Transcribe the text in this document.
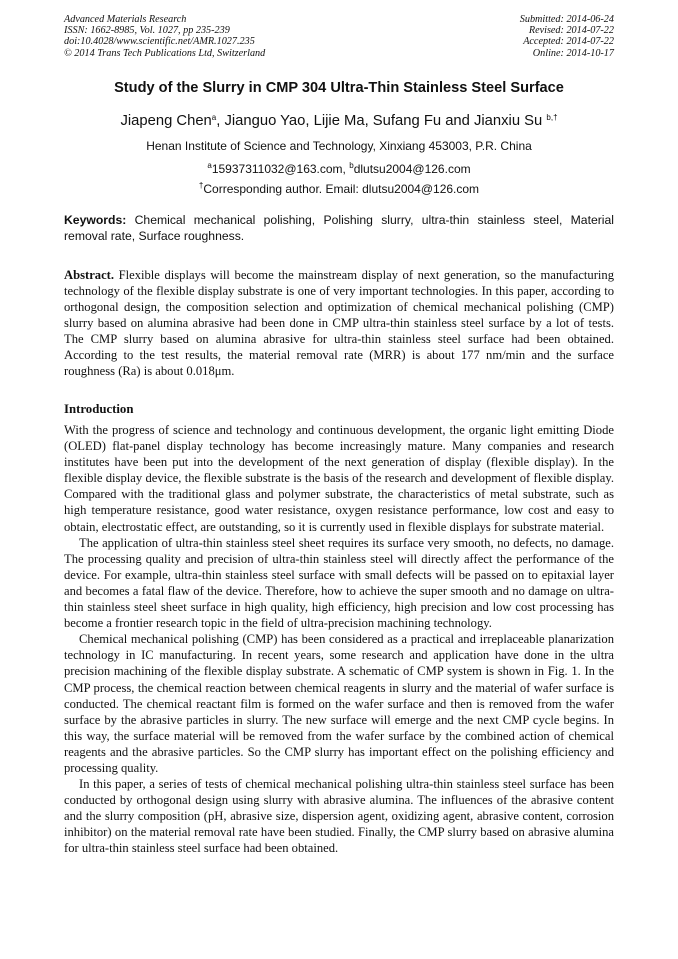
Advanced Materials Research
ISSN: 1662-8985, Vol. 1027, pp 235-239
doi:10.4028/www.scientific.net/AMR.1027.235
© 2014 Trans Tech Publications Ltd, Switzerland
Submitted: 2014-06-24
Revised: 2014-07-22
Accepted: 2014-07-22
Online: 2014-10-17
Study of the Slurry in CMP 304 Ultra-Thin Stainless Steel Surface
Jiapeng Chen$^a$, Jianguo Yao, Lijie Ma, Sufang Fu and Jianxiu Su $^{b,\dagger}$
Henan Institute of Science and Technology, Xinxiang 453003, P.R. China
$^a$15937311032@163.com, $^b$dlutsu2004@126.com
†Corresponding author. Email: dlutsu2004@126.com
Keywords: Chemical mechanical polishing, Polishing slurry, ultra-thin stainless steel, Material removal rate, Surface roughness.
Abstract. Flexible displays will become the mainstream display of next generation, so the manufacturing technology of the flexible display substrate is one of very important technologies. In this paper, according to orthogonal design, the composition selection and optimization of chemical mechanical polishing (CMP) slurry based on alumina abrasive had been done in CMP ultra-thin stainless steel surface by a lot of tests. The CMP slurry based on alumina abrasive for ultra-thin stainless steel surface had been obtained. According to the test results, the material removal rate (MRR) is about 177 nm/min and the surface roughness (Ra) is about 0.018μm.
Introduction

With the progress of science and technology and continuous development, the organic light emitting Diode (OLED) flat-panel display technology has become increasingly mature. Many companies and research institutes have been put into the development of the next generation of display (flexible display). In the flexible display device, the flexible substrate is the basis of the research and development of flexible display. Compared with the traditional glass and polymer substrate, the characteristics of metal substrate, such as high temperature resistance, good water resistance, oxygen resistance performance, low cost and easy to obtain, electrostatic effect, are outstanding, so it is currently used in flexible displays for substrate material.

The application of ultra-thin stainless steel sheet requires its surface very smooth, no defects, no damage. The processing quality and precision of ultra-thin stainless steel will directly affect the performance of the device. For example, ultra-thin stainless steel surface with small defects will be passed on to epitaxial layer and becomes a fatal flaw of the device. Therefore, how to achieve the super smooth and no damage on ultra-thin stainless steel sheet surface in high quality, high efficiency, high precision and low cost processing has become a frontier research topic in the field of ultra-precision machining technology.

Chemical mechanical polishing (CMP) has been considered as a practical and irreplaceable planarization technology in IC manufacturing. In recent years, some research and application have done in the ultra precision machining of the flexible display substrate. A schematic of CMP system is shown in Fig. 1. In the CMP process, the chemical reaction between chemical reagents in slurry and the material of wafer surface is conducted. The chemical reactant film is formed on the wafer surface and then is removed from the wafer surface by the abrasive particles in slurry. The new surface will emerge and the next CMP cycle begins. In this way, the surface material will be removed from the wafer surface by the combined action of chemical reagents and the abrasive particles. So the CMP slurry has important effect on the polishing efficiency and processing quality.

In this paper, a series of tests of chemical mechanical polishing ultra-thin stainless steel surface has been conducted by orthogonal design using slurry with abrasive alumina. The influences of the abrasive content and the slurry composition (pH, abrasive size, dispersion agent, oxidizing agent, abrasive content, corrosion inhibitor) on the material removal rate have been studied. Finally, the CMP slurry based on abrasive alumina for ultra-thin stainless steel surface had been obtained.
